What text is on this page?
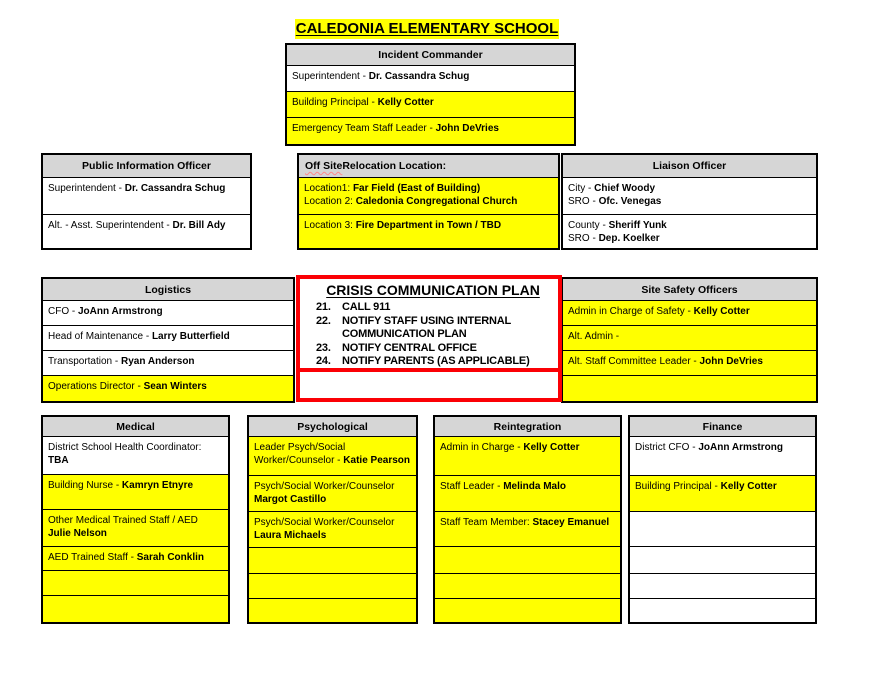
CALEDONIA ELEMENTARY SCHOOL
Incident Commander
Superintendent - Dr. Cassandra Schug
Building Principal - Kelly Cotter
Emergency Team Staff Leader - John DeVries
Public Information Officer
Superintendent - Dr. Cassandra Schug
Alt. - Asst. Superintendent - Dr. Bill Ady
Off Site Relocation Location:
Location1: Far Field (East of Building)
Location 2: Caledonia Congregational Church
Location 3: Fire Department in Town / TBD
Liaison Officer
City - Chief Woody
SRO - Ofc. Venegas
County - Sheriff Yunk
SRO - Dep. Koelker
Logistics
CFO - JoAnn Armstrong
Head of Maintenance - Larry Butterfield
Transportation - Ryan Anderson
Operations Director - Sean Winters
Site Safety Officers
Admin in Charge of Safety - Kelly Cotter
Alt. Admin -
Alt. Staff Committee Leader - John DeVries
CRISIS COMMUNICATION PLAN
21.	CALL 911
22.	NOTIFY STAFF USING INTERNAL COMMUNICATION PLAN
23.	NOTIFY CENTRAL OFFICE
24.	NOTIFY PARENTS (AS APPLICABLE)
Medical
District School Health Coordinator: TBA
Building Nurse - Kamryn Etnyre
Other Medical Trained Staff / AED
Julie Nelson
AED Trained Staff - Sarah Conklin
Psychological
Leader Psych/Social
Worker/Counselor - Katie Pearson
Psych/Social Worker/Counselor
Margot Castillo
Psych/Social Worker/Counselor
Laura Michaels
Reintegration
Admin in Charge - Kelly Cotter
Staff Leader - Melinda Malo
Staff Team Member: Stacey Emanuel
Finance
District CFO - JoAnn Armstrong
Building Principal - Kelly Cotter
